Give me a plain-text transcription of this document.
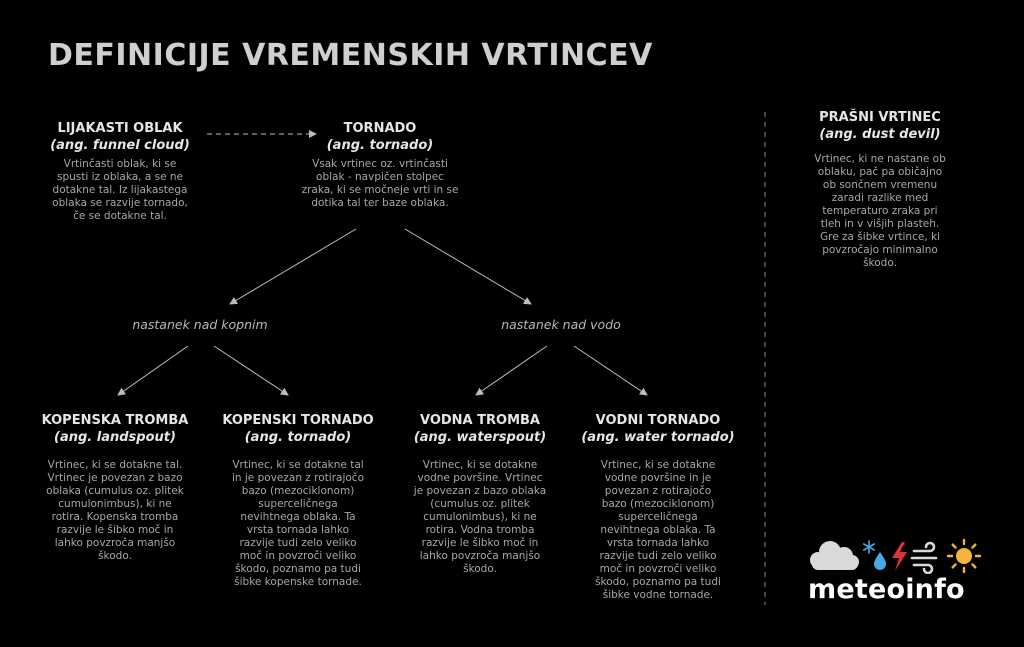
DEFINICIJE VREMENSKIH VRTINCEV
LIJAKASTI OBLAK
(ang. funnel cloud)
Vrtinčasti oblak, ki se spusti iz oblaka, a se ne dotakne tal. Iz lijakastega oblaka se razvije tornado, če se dotakne tal.
TORNADO
(ang. tornado)
Vsak vrtinec oz. vrtinčasti oblak - navpičen stolpec zraka, ki se močneje vrti in se dotika tal ter baze oblaka.
PRAŠNI VRTINEC
(ang. dust devil)
Vrtinec, ki ne nastane ob oblaku, pač pa običajno ob sončnem vremenu zaradi razlike med temperaturo zraka pri tleh in v višjih plasteh. Gre za šibke vrtince, ki povzročajo minimalno škodo.
nastanek nad kopnim	nastanek nad vodo
KOPENSKA TROMBA
(ang. landspout)
Vrtinec, ki se dotakne tal. Vrtinec je povezan z bazo oblaka (cumulus oz. plitek cumulonimbus), ki ne rotira. Kopenska tromba razvije le šibko moč in lahko povzroča manjšo škodo.
KOPENSKI TORNADO
(ang. tornado)
Vrtinec, ki se dotakne tal in je povezan z rotirajočo bazo (mezociklonom) superceličnega nevihtnega oblaka. Ta vrsta tornada lahko razvije tudi zelo veliko moč in povzroči veliko škodo, poznamo pa tudi šibke kopenske tornade.
VODNA TROMBA
(ang. waterspout)
Vrtinec, ki se dotakne vodne površine. Vrtinec je povezan z bazo oblaka (cumulus oz. plitek cumulonimbus), ki ne rotira. Vodna tromba razvije le šibko moč in lahko povzroča manjšo škodo.
VODNI TORNADO
(ang. water tornado)
Vrtinec, ki se dotakne vodne površine in je povezan z rotirajočo bazo (mezociklonom) superceličnega nevihtnega oblaka. Ta vrsta tornada lahko razvije tudi zelo veliko moč in povzroči veliko škodo, poznamo pa tudi šibke vodne tornade.	meteoinfo
